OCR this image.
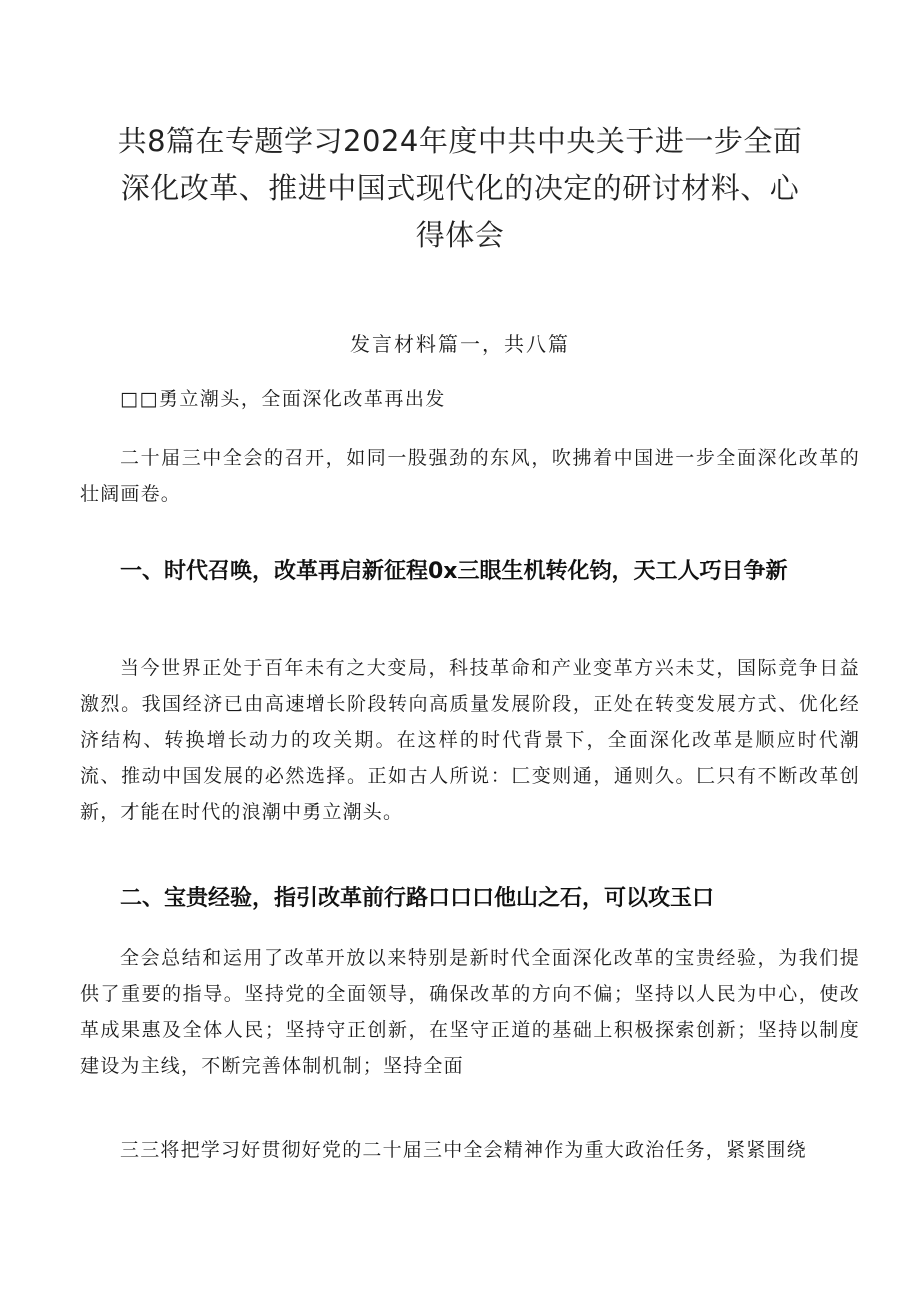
共8篇在专题学习2024年度中共中央关于进一步全面深化改革、推进中国式现代化的决定的研讨材料、心得体会

发言材料篇一，共八篇

□□勇立潮头，全面深化改革再出发

二十届三中全会的召开，如同一股强劲的东风，吹拂着中国进一步全面深化改革的壮阔画卷。

一、时代召唤，改革再启新征程0x三眼生机转化钧，天工人巧日争新

当今世界正处于百年未有之大变局，科技革命和产业变革方兴未艾，国际竞争日益激烈。我国经济已由高速增长阶段转向高质量发展阶段，正处在转变发展方式、优化经济结构、转换增长动力的攻关期。在这样的时代背景下，全面深化改革是顺应时代潮流、推动中国发展的必然选择。正如古人所说：匚变则通，通则久。匚只有不断改革创新，才能在时代的浪潮中勇立潮头。

二、宝贵经验，指引改革前行路口口口他山之石，可以攻玉口

全会总结和运用了改革开放以来特别是新时代全面深化改革的宝贵经验，为我们提供了重要的指导。坚持党的全面领导，确保改革的方向不偏；坚持以人民为中心，使改革成果惠及全体人民；坚持守正创新，在坚守正道的基础上积极探索创新；坚持以制度建设为主线，不断完善体制机制；坚持全面

三三将把学习好贯彻好党的二十届三中全会精神作为重大政治任务，紧紧围绕
